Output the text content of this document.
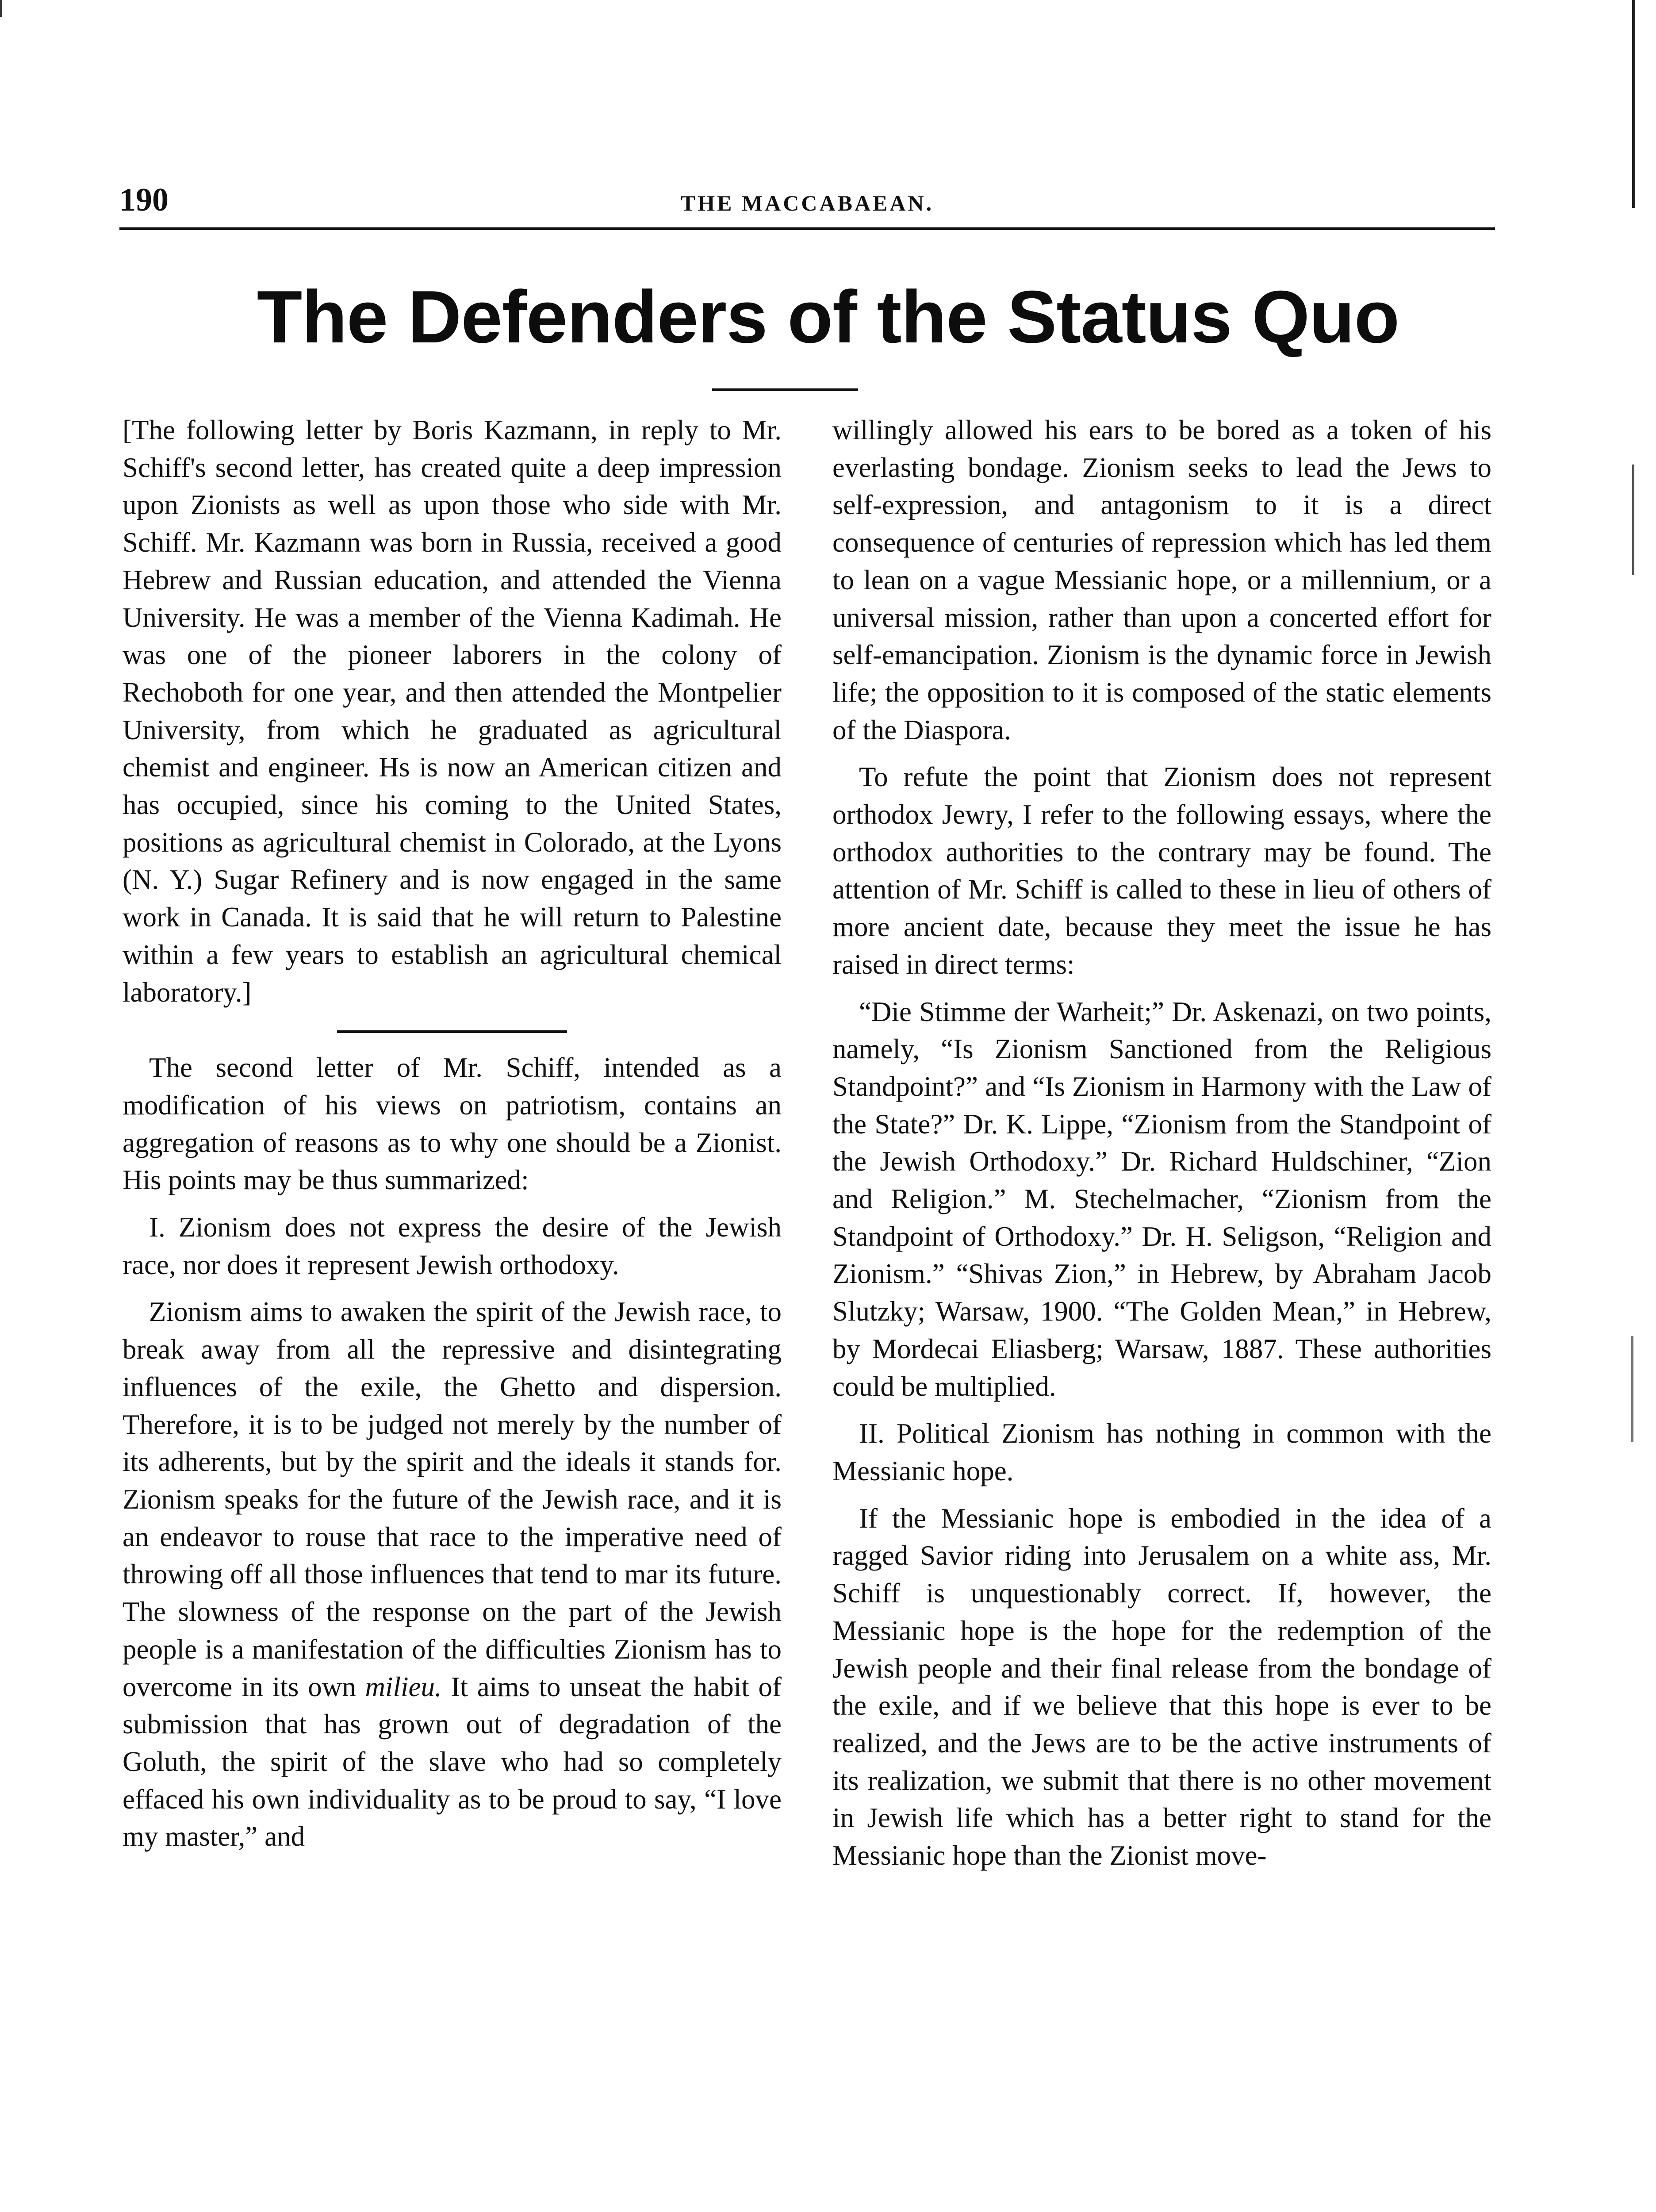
190	THE MACCABAEAN.
The Defenders of the Status Quo

[The following letter by Boris Kazmann, in reply to Mr. Schiff's second letter, has created quite a deep impression upon Zionists as well as upon those who side with Mr. Schiff. Mr. Kazmann was born in Russia, received a good Hebrew and Russian education, and attended the Vienna University. He was a member of the Vienna Kadimah. He was one of the pioneer laborers in the colony of Rechoboth for one year, and then attended the Montpelier University, from which he graduated as agricultural chemist and engineer. Hs is now an American citizen and has occupied, since his coming to the United States, positions as agricultural chemist in Colorado, at the Lyons (N. Y.) Sugar Refinery and is now engaged in the same work in Canada. It is said that he will return to Palestine within a few years to establish an agricultural chemical laboratory.]

The second letter of Mr. Schiff, intended as a modification of his views on patriotism, contains an aggregation of reasons as to why one should be a Zionist. His points may be thus summarized:

I. Zionism does not express the desire of the Jewish race, nor does it represent Jewish orthodoxy.

Zionism aims to awaken the spirit of the Jewish race, to break away from all the repressive and disintegrating influences of the exile, the Ghetto and dispersion. Therefore, it is to be judged not merely by the number of its adherents, but by the spirit and the ideals it stands for. Zionism speaks for the future of the Jewish race, and it is an endeavor to rouse that race to the imperative need of throwing off all those influences that tend to mar its future. The slowness of the response on the part of the Jewish people is a manifestation of the difficulties Zionism has to overcome in its own milieu. It aims to unseat the habit of submission that has grown out of degradation of the Goluth, the spirit of the slave who had so completely effaced his own individuality as to be proud to say, “I love my master,” and

willingly allowed his ears to be bored as a token of his everlasting bondage. Zionism seeks to lead the Jews to self-expression, and antagonism to it is a direct consequence of centuries of repression which has led them to lean on a vague Messianic hope, or a millennium, or a universal mission, rather than upon a concerted effort for self-emancipation. Zionism is the dynamic force in Jewish life; the opposition to it is composed of the static elements of the Diaspora.

To refute the point that Zionism does not represent orthodox Jewry, I refer to the following essays, where the orthodox authorities to the contrary may be found. The attention of Mr. Schiff is called to these in lieu of others of more ancient date, because they meet the issue he has raised in direct terms:

“Die Stimme der Warheit;” Dr. Askenazi, on two points, namely, “Is Zionism Sanctioned from the Religious Standpoint?” and “Is Zionism in Harmony with the Law of the State?” Dr. K. Lippe, “Zionism from the Standpoint of the Jewish Orthodoxy.” Dr. Richard Huldschiner, “Zion and Religion.” M. Stechelmacher, “Zionism from the Standpoint of Orthodoxy.” Dr. H. Seligson, “Religion and Zionism.” “Shivas Zion,” in Hebrew, by Abraham Jacob Slutzky; Warsaw, 1900. “The Golden Mean,” in Hebrew, by Mordecai Eliasberg; Warsaw, 1887. These authorities could be multiplied.

II. Political Zionism has nothing in common with the Messianic hope.

If the Messianic hope is embodied in the idea of a ragged Savior riding into Jerusalem on a white ass, Mr. Schiff is unquestionably correct. If, however, the Messianic hope is the hope for the redemption of the Jewish people and their final release from the bondage of the exile, and if we believe that this hope is ever to be realized, and the Jews are to be the active instruments of its realization, we submit that there is no other movement in Jewish life which has a better right to stand for the Messianic hope than the Zionist move-
